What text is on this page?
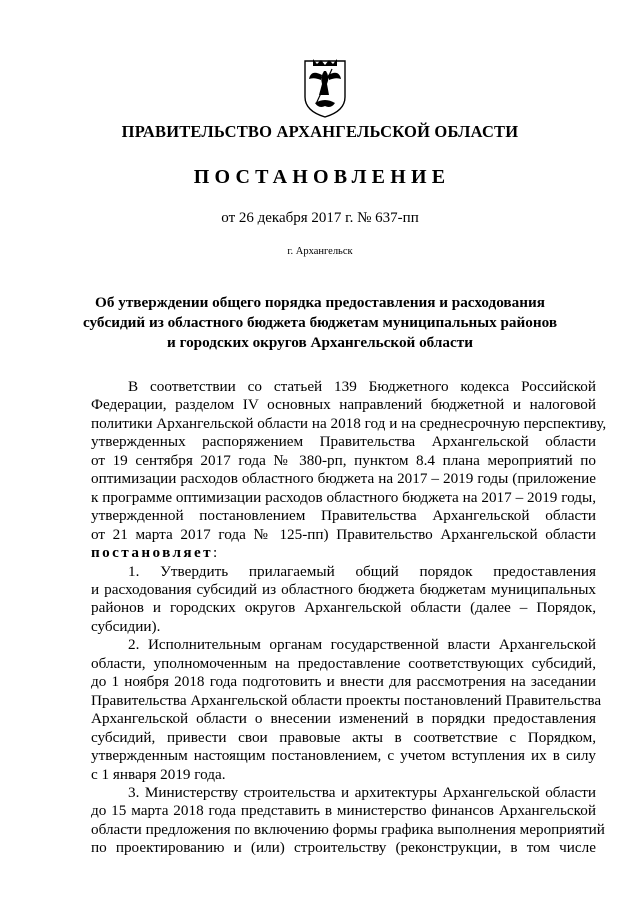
ПРАВИТЕЛЬСТВО АРХАНГЕЛЬСКОЙ ОБЛАСТИ
ПОСТАНОВЛЕНИЕ
от 26 декабря 2017 г. № 637-пп
г. Архангельск
Об утверждении общего порядка предоставления и расходования
субсидий из областного бюджета бюджетам муниципальных районов
и городских округов Архангельской области
В соответствии со статьей 139 Бюджетного кодекса Российской
Федерации, разделом IV основных направлений бюджетной и налоговой
политики Архангельской области на 2018 год и на среднесрочную перспективу,
утвержденных распоряжением Правительства Архангельской области
от 19 сентября 2017 года № 380-рп, пунктом 8.4 плана мероприятий по
оптимизации расходов областного бюджета на 2017 – 2019 годы (приложение
к программе оптимизации расходов областного бюджета на 2017 – 2019 годы,
утвержденной постановлением Правительства Архангельской области
от 21 марта 2017 года № 125-пп) Правительство Архангельской области
постановляет:
1. Утвердить прилагаемый общий порядок предоставления
и расходования субсидий из областного бюджета бюджетам муниципальных
районов и городских округов Архангельской области (далее – Порядок,
субсидии).
2. Исполнительным органам государственной власти Архангельской
области, уполномоченным на предоставление соответствующих субсидий,
до 1 ноября 2018 года подготовить и внести для рассмотрения на заседании
Правительства Архангельской области проекты постановлений Правительства
Архангельской области о внесении изменений в порядки предоставления
субсидий, привести свои правовые акты в соответствие с Порядком,
утвержденным настоящим постановлением, с учетом вступления их в силу
с 1 января 2019 года.
3. Министерству строительства и архитектуры Архангельской области
до 15 марта 2018 года представить в министерство финансов Архангельской
области предложения по включению формы графика выполнения мероприятий
по проектированию и (или) строительству (реконструкции, в том числе
